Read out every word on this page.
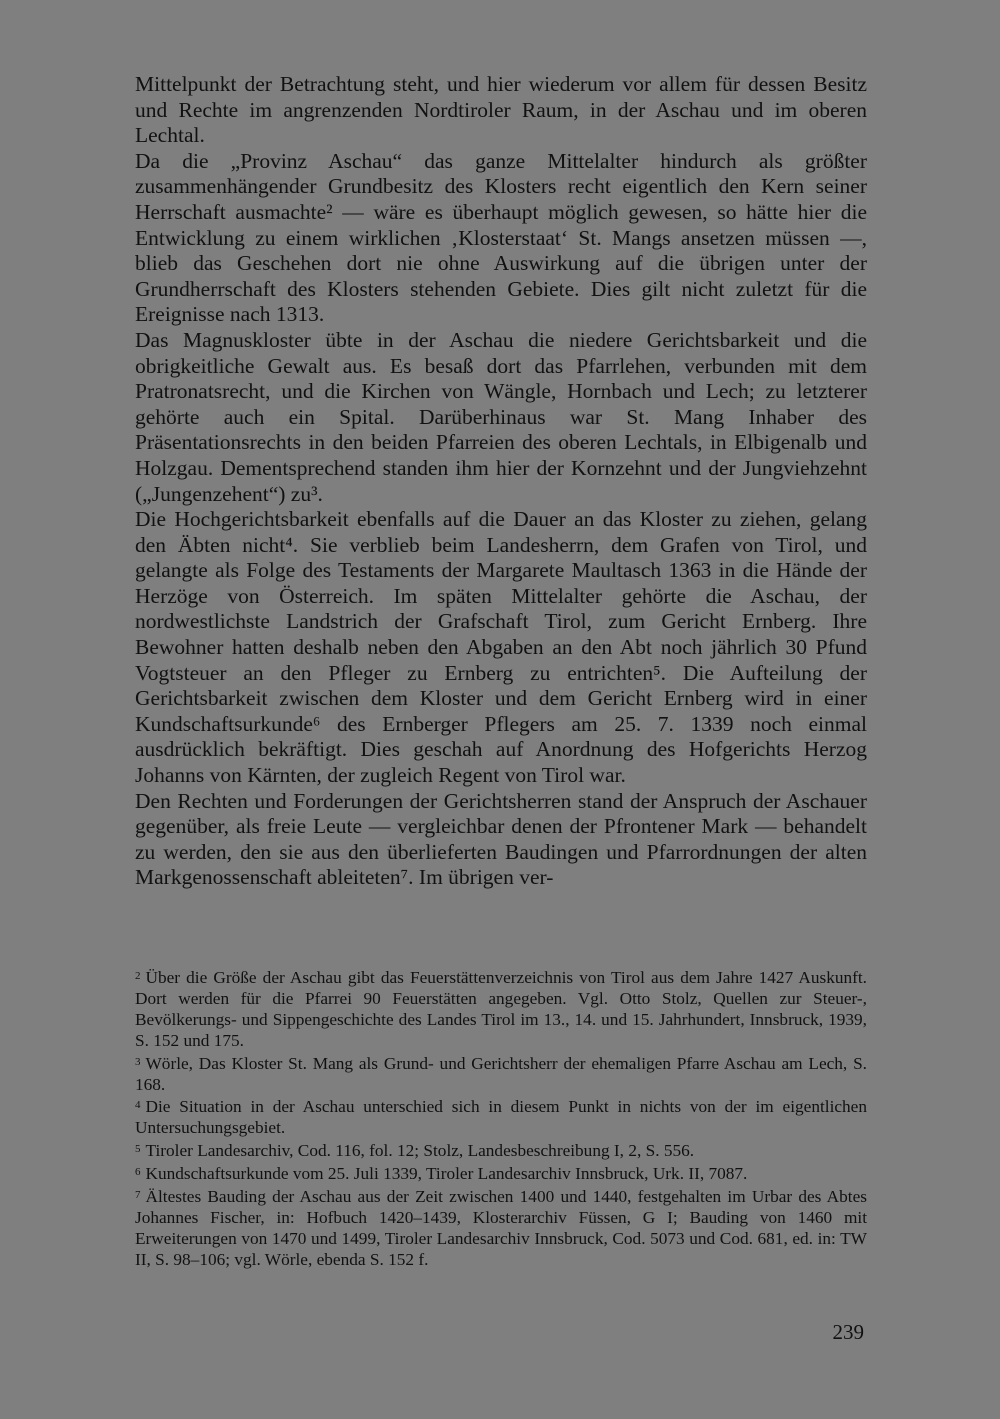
Mittelpunkt der Betrachtung steht, und hier wiederum vor allem für dessen Besitz und Rechte im angrenzenden Nordtiroler Raum, in der Aschau und im oberen Lechtal.

Da die „Provinz Aschau“ das ganze Mittelalter hindurch als größter zusammenhängender Grundbesitz des Klosters recht eigentlich den Kern seiner Herrschaft ausmachte² — wäre es überhaupt möglich gewesen, so hätte hier die Entwicklung zu einem wirklichen ‚Klosterstaat‘ St. Mangs ansetzen müssen —, blieb das Geschehen dort nie ohne Auswirkung auf die übrigen unter der Grundherrschaft des Klosters stehenden Gebiete. Dies gilt nicht zuletzt für die Ereignisse nach 1313.

Das Magnuskloster übte in der Aschau die niedere Gerichtsbarkeit und die obrigkeitliche Gewalt aus. Es besaß dort das Pfarrlehen, verbunden mit dem Pratronatsrecht, und die Kirchen von Wängle, Hornbach und Lech; zu letzterer gehörte auch ein Spital. Darüberhinaus war St. Mang Inhaber des Präsentationsrechts in den beiden Pfarreien des oberen Lechtals, in Elbigenalb und Holzgau. Dementsprechend standen ihm hier der Kornzehnt und der Jungviehzehnt („Jungenzehent“) zu³.

Die Hochgerichtsbarkeit ebenfalls auf die Dauer an das Kloster zu ziehen, gelang den Äbten nicht⁴. Sie verblieb beim Landesherrn, dem Grafen von Tirol, und gelangte als Folge des Testaments der Margarete Maultasch 1363 in die Hände der Herzöge von Österreich. Im späten Mittelalter gehörte die Aschau, der nordwestlichste Landstrich der Grafschaft Tirol, zum Gericht Ernberg. Ihre Bewohner hatten deshalb neben den Abgaben an den Abt noch jährlich 30 Pfund Vogtsteuer an den Pfleger zu Ernberg zu entrichten⁵. Die Aufteilung der Gerichtsbarkeit zwischen dem Kloster und dem Gericht Ernberg wird in einer Kundschaftsurkunde⁶ des Ernberger Pflegers am 25. 7. 1339 noch einmal ausdrücklich bekräftigt. Dies geschah auf Anordnung des Hofgerichts Herzog Johanns von Kärnten, der zugleich Regent von Tirol war.

Den Rechten und Forderungen der Gerichtsherren stand der Anspruch der Aschauer gegenüber, als freie Leute — vergleichbar denen der Pfrontener Mark — behandelt zu werden, den sie aus den überlieferten Baudingen und Pfarrordnungen der alten Markgenossenschaft ableiteten⁷. Im übrigen ver-

$^2$ Über die Größe der Aschau gibt das Feuerstättenverzeichnis von Tirol aus dem Jahre 1427 Auskunft. Dort werden für die Pfarrei 90 Feuerstätten angegeben. Vgl. Otto Stolz, Quellen zur Steuer-, Bevölkerungs- und Sippengeschichte des Landes Tirol im 13., 14. und 15. Jahrhundert, Innsbruck, 1939, S. 152 und 175.

$^3$ Wörle, Das Kloster St. Mang als Grund- und Gerichtsherr der ehemaligen Pfarre Aschau am Lech, S. 168.

$^4$ Die Situation in der Aschau unterschied sich in diesem Punkt in nichts von der im eigentlichen Untersuchungsgebiet.

$^5$ Tiroler Landesarchiv, Cod. 116, fol. 12; Stolz, Landesbeschreibung I, 2, S. 556.

$^6$ Kundschaftsurkunde vom 25. Juli 1339, Tiroler Landesarchiv Innsbruck, Urk. II, 7087.

$^7$ Ältestes Bauding der Aschau aus der Zeit zwischen 1400 und 1440, festgehalten im Urbar des Abtes Johannes Fischer, in: Hofbuch 1420–1439, Klosterarchiv Füssen, G I; Bauding von 1460 mit Erweiterungen von 1470 und 1499, Tiroler Landesarchiv Innsbruck, Cod. 5073 und Cod. 681, ed. in: TW II, S. 98–106; vgl. Wörle, ebenda S. 152 f.

239
